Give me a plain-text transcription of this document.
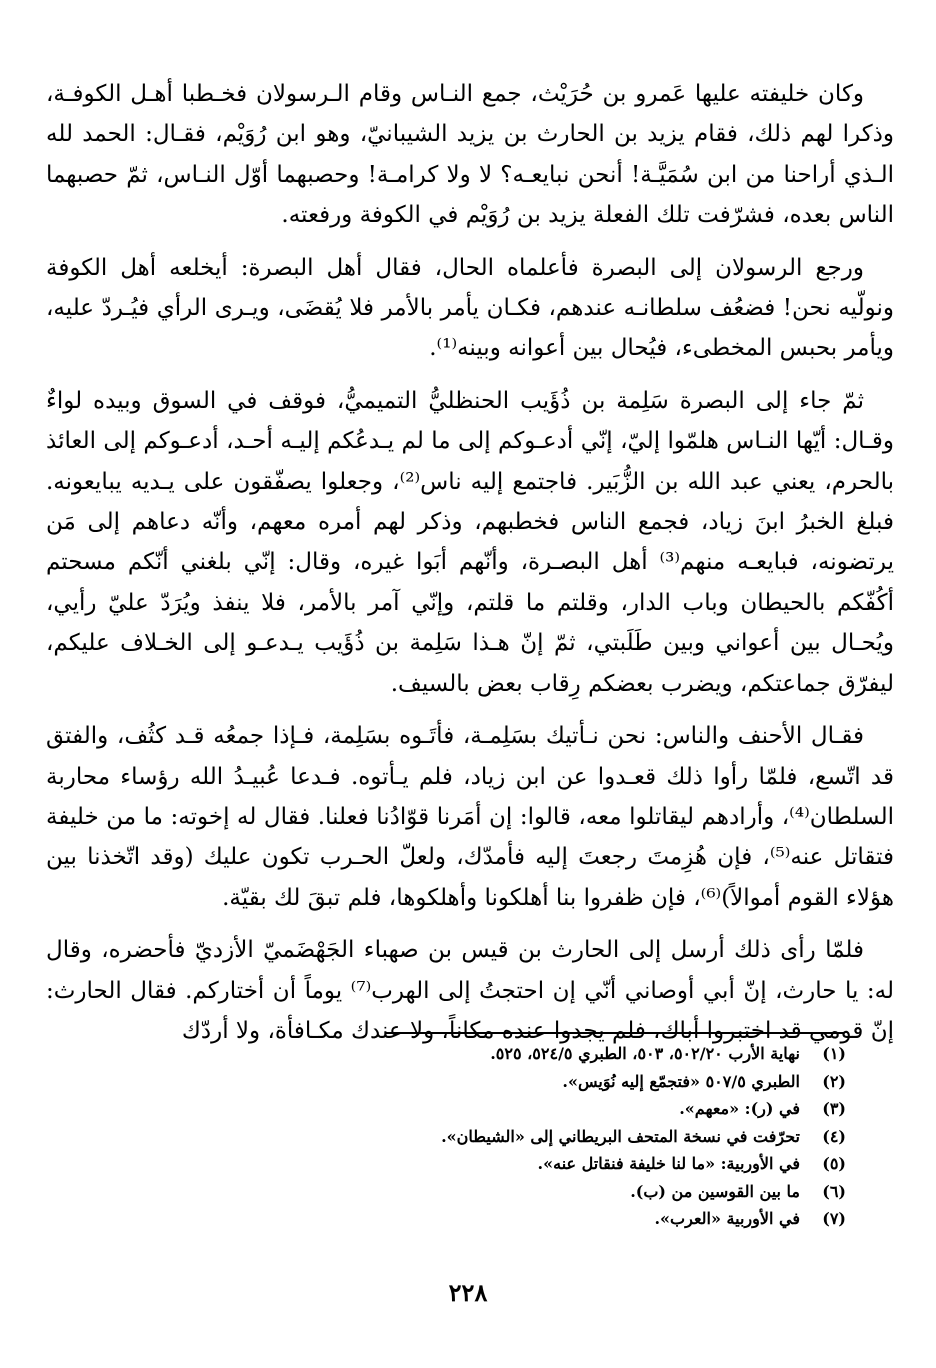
وكان خليفته عليها عَمرو بن حُرَيْث، جمع النـاس وقام الـرسولان فخـطبا أهـل الكوفـة، وذكرا لهم ذلك، فقام يزيد بن الحارث بن يزيد الشيبانيّ، وهو ابن رُوَيْم، فقـال: الحمد لله الـذي أراحنا من ابن سُمَيَّـة! أنحن نبايعـه؟ لا ولا كرامـة! وحصبهما أوّل النـاس، ثمّ حصبهما الناس بعده، فشرّفت تلك الفعلة يزيد بن رُوَيْم في الكوفة ورفعته.

ورجع الرسولان إلى البصرة فأعلماه الحال، فقال أهل البصرة: أيخلعه أهل الكوفة ونولّيه نحن! فضعُف سلطانـه عندهم، فكـان يأمر بالأمر فلا يُقضَى، ويـرى الرأي فيُـردّ عليه، ويأمر بحبس المخطىء، فيُحال بين أعوانه وبينه⁽¹⁾.

ثمّ جاء إلى البصرة سَلِمة بن ذُؤَيب الحنظليُّ التميميُّ، فوقف في السوق وبيده لواءٌ وقـال: أيّها النـاس هلمّوا إليّ، إنّي أدعـوكم إلى ما لم يـدعُكم إليـه أحـد، أدعـوكم إلى العائذ بالحرم، يعني عبد الله بن الزُّبَير. فاجتمع إليه ناس⁽²⁾، وجعلوا يصفّقون على يـديه يبايعونه. فبلغ الخبرُ ابنَ زياد، فجمع الناس فخطبهم، وذكر لهم أمره معهم، وأنّه دعاهم إلى مَن يرتضونه، فبايعـه منهم⁽³⁾ أهل البصـرة، وأنّهم أبَوا غيره، وقال: إنّي بلغني أنّكم مسحتم أكُفّكم بالحيطان وباب الدار، وقلتم ما قلتم، وإنّي آمر بالأمر، فلا ينفذ ويُرَدّ عليّ رأيي، ويُحـال بين أعواني وبين طَلَبتي، ثمّ إنّ هـذا سَلِمة بن ذُؤَيب يـدعـو إلى الخـلاف عليكم، ليفرّق جماعتكم، ويضرب بعضكم رِقاب بعض بالسيف.

فقـال الأحنف والناس: نحن نـأتيك بسَلِمـة، فأتَـوه بسَلِمة، فـإذا جمعُه قـد كثُف، والفتق قد اتّسع، فلمّا رأوا ذلك قعـدوا عن ابن زياد، فلم يـأتوه. فـدعا عُبيـدُ الله رؤساء محاربة السلطان⁽⁴⁾، وأرادهم ليقاتلوا معه، قالوا: إن أمَرنا قوّادُنا فعلنا. فقال له إخوته: ما من خليفة فتقاتل عنه⁽⁵⁾، فإن هُزِمتَ رجعتَ إليه فأمدّك، ولعلّ الحـرب تكون عليك (وقد اتّخذنا بين هؤلاء القوم أموالاً)⁽⁶⁾، فإن ظفروا بنا أهلكونا وأهلكوها، فلم تبقَ لك بقيّة.

فلمّا رأى ذلك أرسل إلى الحارث بن قيس بن صهباء الجَهْضَميّ الأزديّ فأحضره، وقال له: يا حارث، إنّ أبي أوصاني أنّي إن احتجتُ إلى الهرب⁽⁷⁾ يوماً أن أختاركم. فقال الحارث: إنّ قومي قد اختبروا أباك، فلم يجدوا عنده مكاناً، ولا عندك مكـافأة، ولا أردّك

(١)
نهاية الأرب ٥٠٢/٢٠، ٥٠٣، الطبري ٥٢٤/٥، ٥٢٥.
(٢)
الطبري ٥٠٧/٥ «فتجمّع إليه نُوَيس».
(٣)
في (ر): «معهم».
(٤)
تحرّفت في نسخة المتحف البريطاني إلى «الشيطان».
(٥)
في الأوربية: «ما لنا خليفة فنقاتل عنه».
(٦)
ما بين القوسين من (ب).
(٧)
في الأوربية «العرب».
٢٢٨
